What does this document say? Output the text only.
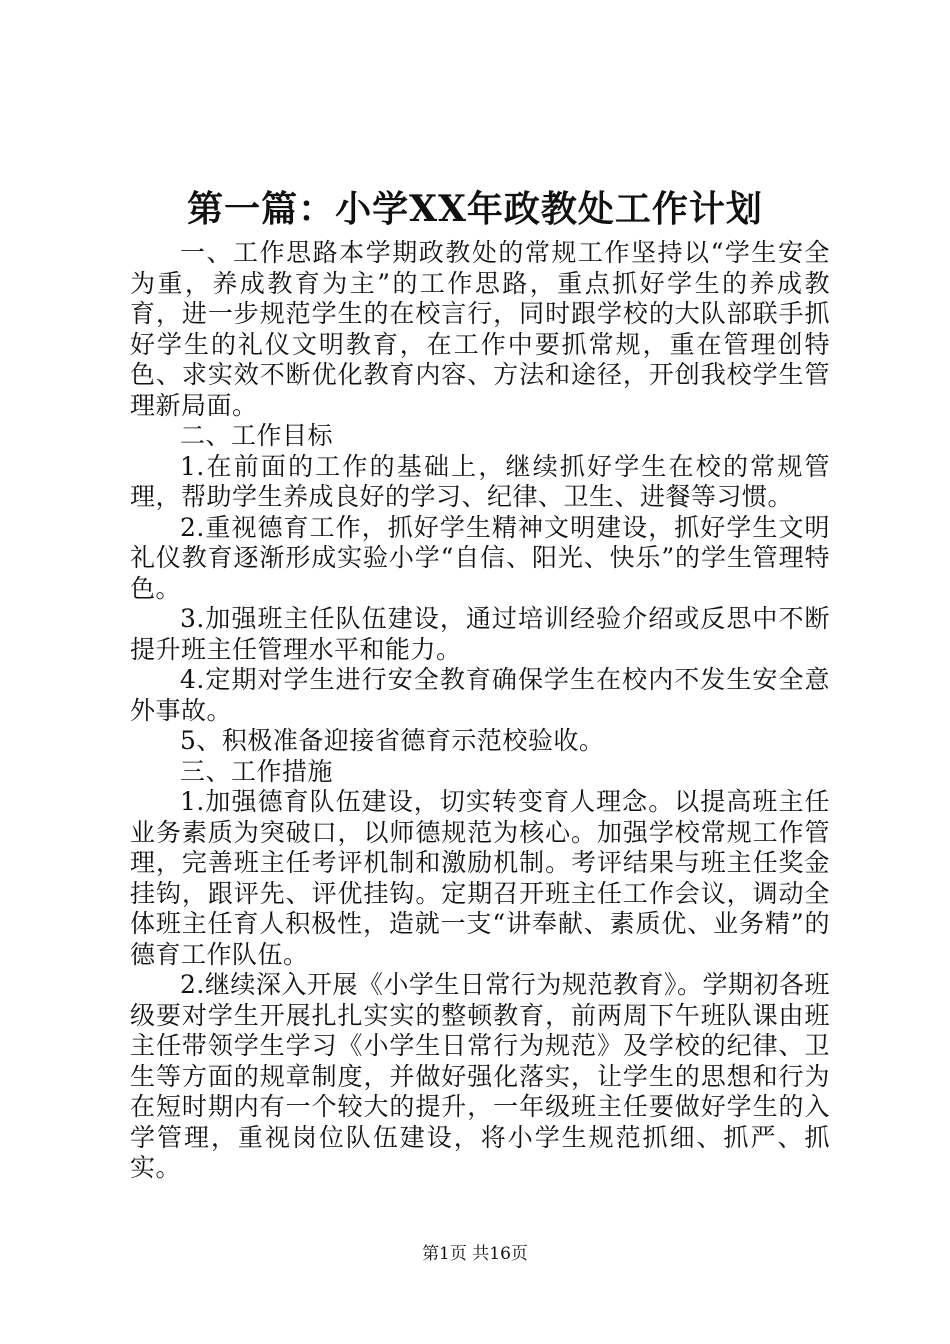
第一篇：小学XX年政教处工作计划

一、工作思路本学期政教处的常规工作坚持以“学生安全为重，养成教育为主”的工作思路，重点抓好学生的养成教育，进一步规范学生的在校言行，同时跟学校的大队部联手抓好学生的礼仪文明教育，在工作中要抓常规，重在管理创特色、求实效不断优化教育内容、方法和途径，开创我校学生管理新局面。

二、工作目标

1.在前面的工作的基础上，继续抓好学生在校的常规管理，帮助学生养成良好的学习、纪律、卫生、进餐等习惯。

2.重视德育工作，抓好学生精神文明建设，抓好学生文明礼仪教育逐渐形成实验小学“自信、阳光、快乐”的学生管理特色。

3.加强班主任队伍建设，通过培训经验介绍或反思中不断提升班主任管理水平和能力。

4.定期对学生进行安全教育确保学生在校内不发生安全意外事故。

5、积极准备迎接省德育示范校验收。

三、工作措施

1.加强德育队伍建设，切实转变育人理念。以提高班主任业务素质为突破口，以师德规范为核心。加强学校常规工作管理，完善班主任考评机制和激励机制。考评结果与班主任奖金挂钩，跟评先、评优挂钩。定期召开班主任工作会议，调动全体班主任育人积极性，造就一支“讲奉献、素质优、业务精”的德育工作队伍。

2.继续深入开展《小学生日常行为规范教育》。学期初各班级要对学生开展扎扎实实的整顿教育，前两周下午班队课由班主任带领学生学习《小学生日常行为规范》及学校的纪律、卫生等方面的规章制度，并做好强化落实，让学生的思想和行为在短时期内有一个较大的提升，一年级班主任要做好学生的入学管理，重视岗位队伍建设，将小学生规范抓细、抓严、抓实。

第1页 共16页
